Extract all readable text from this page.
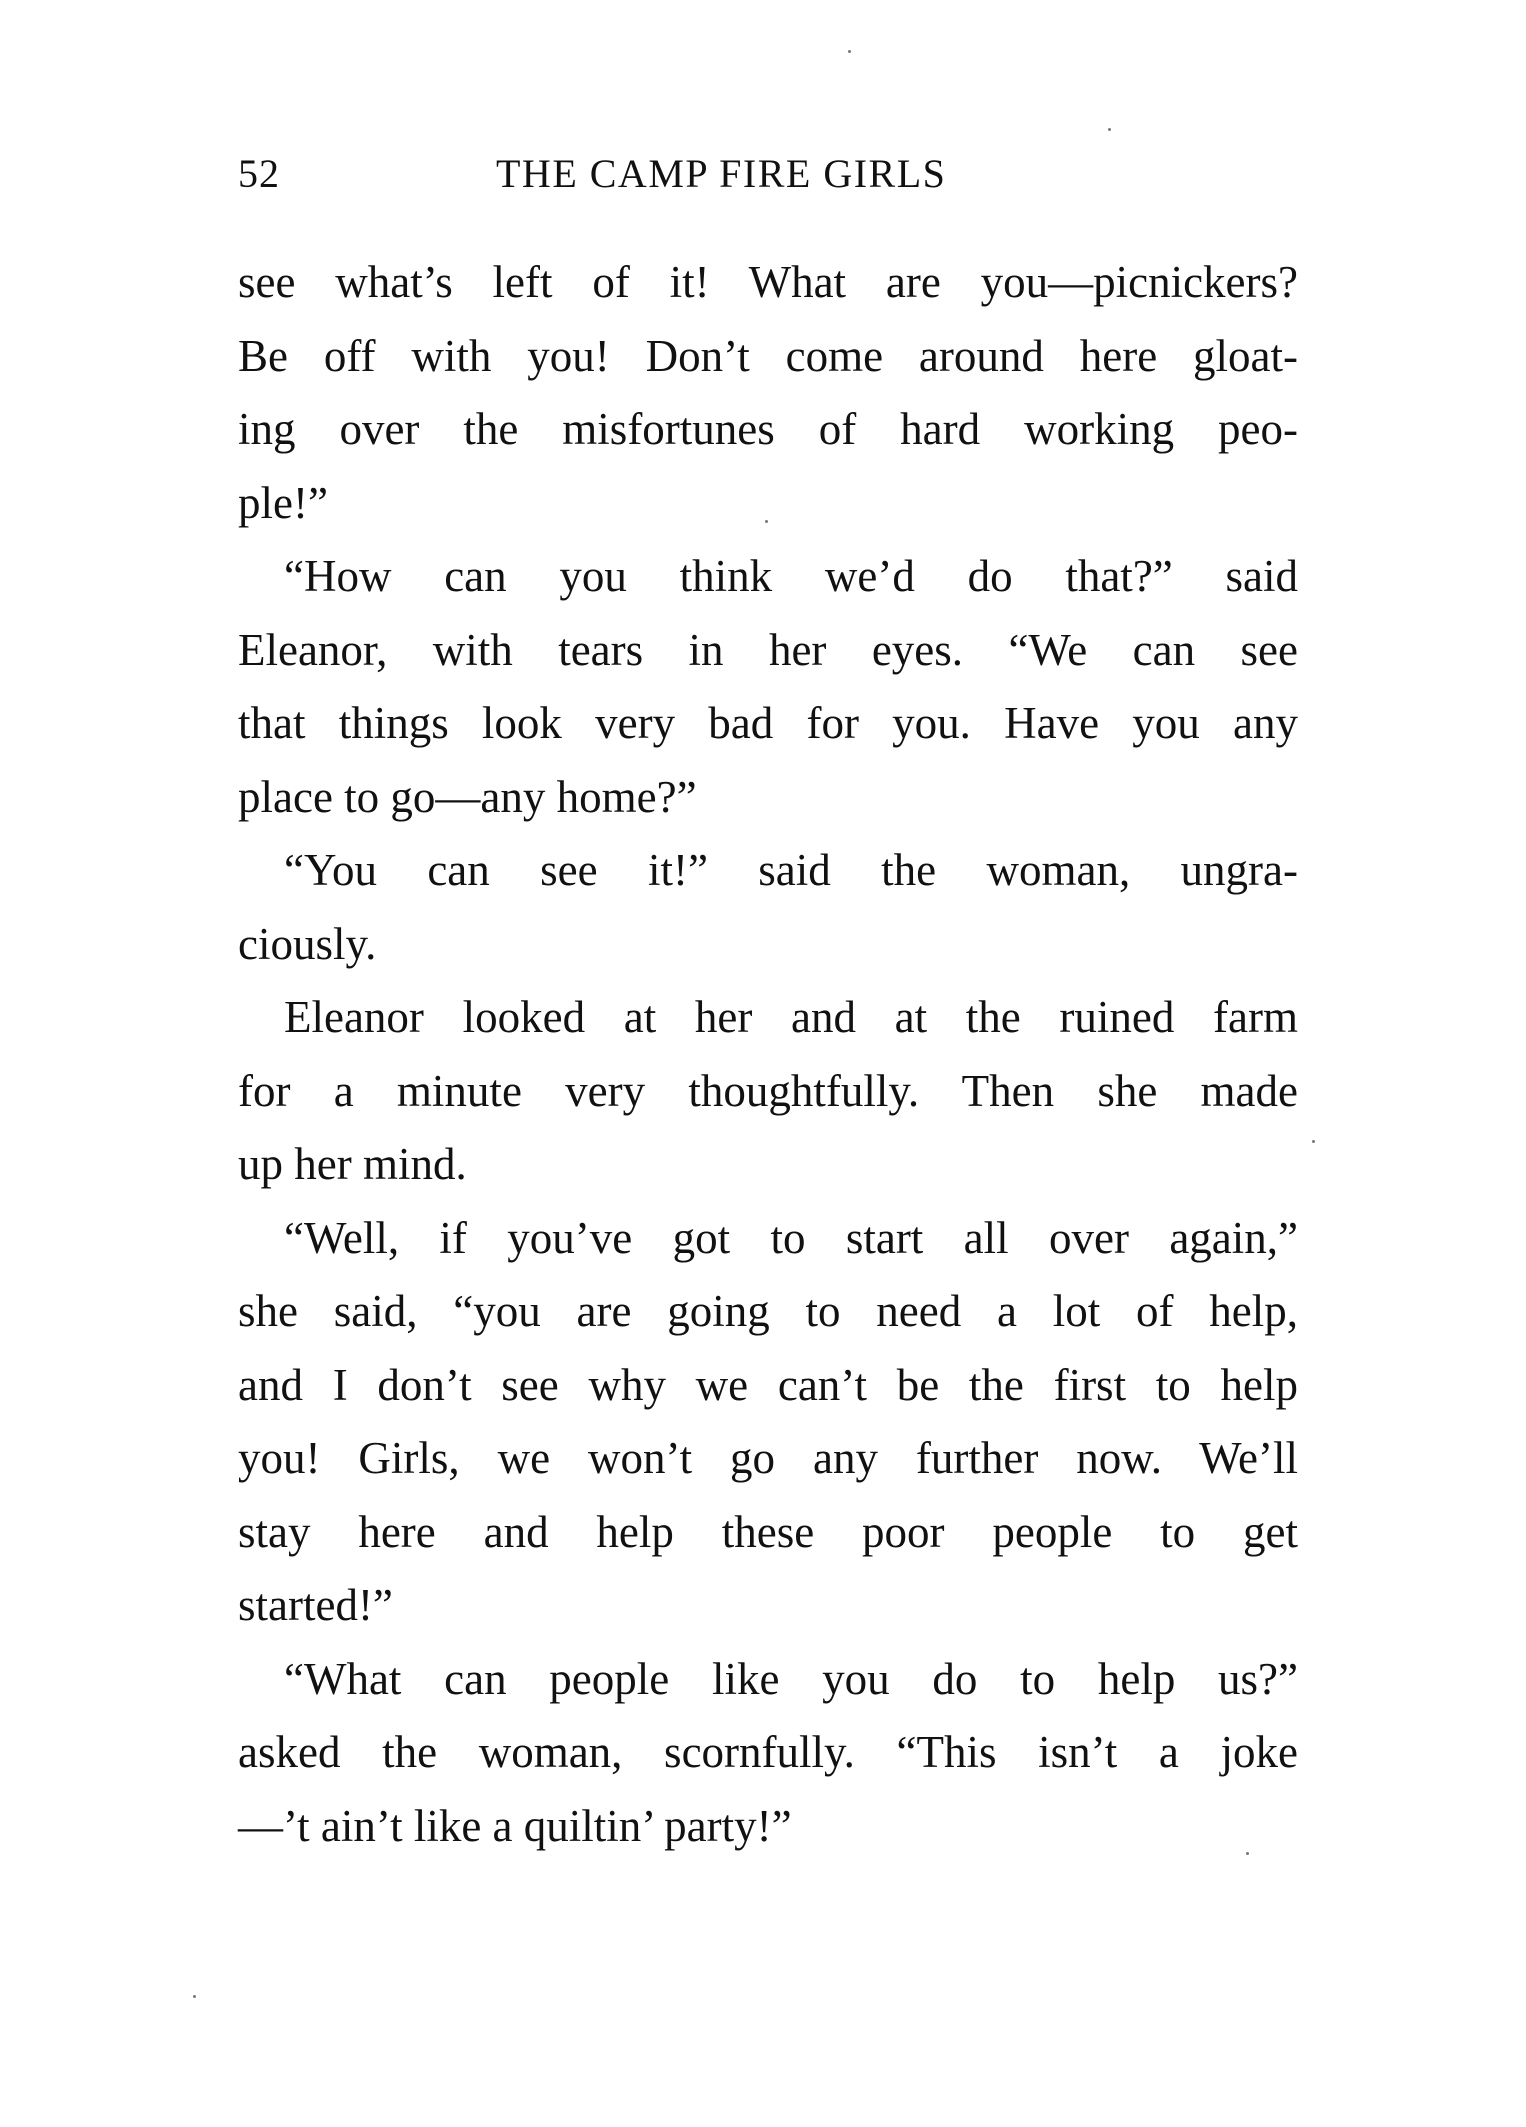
52	THE CAMP FIRE GIRLS
see what’s left of it! What are you—picnickers?
Be off with you! Don’t come around here gloat-
ing over the misfortunes of hard working peo-
ple!”
“How can you think we’d do that?” said
Eleanor, with tears in her eyes. “We can see
that things look very bad for you. Have you any
place to go—any home?”
“You can see it!” said the woman, ungra-
ciously.
Eleanor looked at her and at the ruined farm
for a minute very thoughtfully. Then she made
up her mind.
“Well, if you’ve got to start all over again,”
she said, “you are going to need a lot of help,
and I don’t see why we can’t be the first to help
you! Girls, we won’t go any further now. We’ll
stay here and help these poor people to get
started!”
“What can people like you do to help us?”
asked the woman, scornfully. “This isn’t a joke
—’t ain’t like a quiltin’ party!”
